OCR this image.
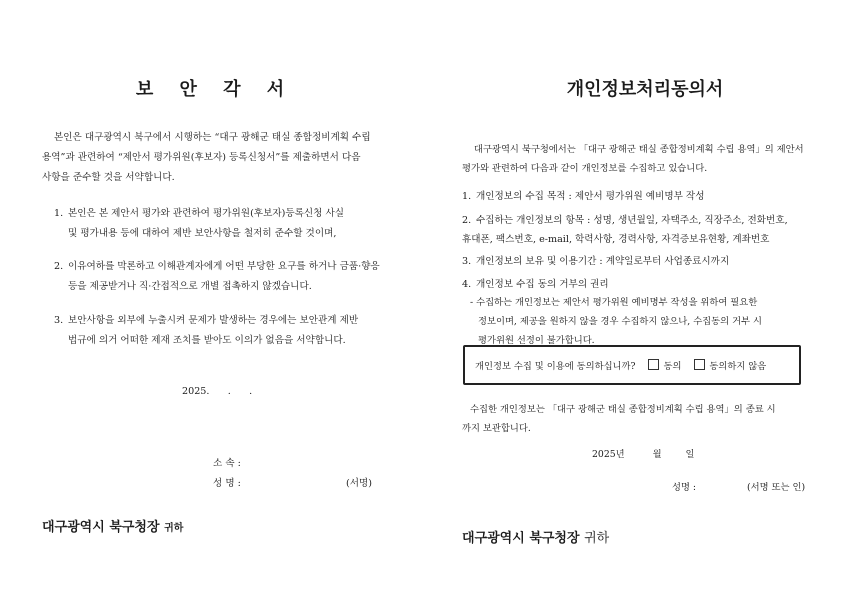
보 안 각 서
본인은 대구광역시 북구에서 시행하는 “대구 광해군 태실 종합정비계획 수립
용역”과 관련하여 “제안서 평가위원(후보자) 등록신청서”를 제출하면서 다음
사항을 준수할 것을 서약합니다.
1. 본인은 본 제안서 평가와 관련하여 평가위원(후보자)등록신청 사실
및 평가내용 등에 대하여 제반 보안사항을 철저히 준수할 것이며,
2. 이유여하를 막론하고 이해관계자에게 어떤 부당한 요구를 하거나 금품·향응
등을 제공받거나 직·간접적으로 개별 접촉하지 않겠습니다.
3. 보안사항을 외부에 누출시켜 문제가 발생하는 경우에는 보안관계 제반
법규에 의거 어떠한 제재 조치를 받아도 이의가 없음을 서약합니다.
2025.      .      .
소 속 :
성 명 :	(서명)
대구광역시 북구청장 귀하
개인정보처리동의서
대구광역시 북구청에서는 「대구 광해군 태실 종합정비계획 수립 용역」의 제안서
평가와 관련하여 다음과 같이 개인정보를 수집하고 있습니다.
1. 개인정보의 수집 목적 : 제안서 평가위원 예비명부 작성
2. 수집하는 개인정보의 항목 : 성명, 생년월일, 자택주소, 직장주소, 전화번호,
휴대폰, 팩스번호, e-mail, 학력사항, 경력사항, 자격증보유현황, 계좌번호
3. 개인정보의 보유 및 이용기간 : 계약일로부터 사업종료시까지
4. 개인정보 수집 동의 거부의 권리
- 수집하는 개인정보는 제안서 평가위원 예비명부 작성을 위하여 필요한
정보이며, 제공을 원하지 않을 경우 수집하지 않으나, 수집동의 거부 시
평가위원 선정이 불가합니다.
개인정보 수집 및 이용에 동의하십니까?	동의	동의하지 않음
수집한 개인정보는 「대구 광해군 태실 종합정비계획 수립 용역」의 종료 시
까지 보관합니다.
2025년	월	일
성명 :	(서명 또는 인)
대구광역시 북구청장 귀하
